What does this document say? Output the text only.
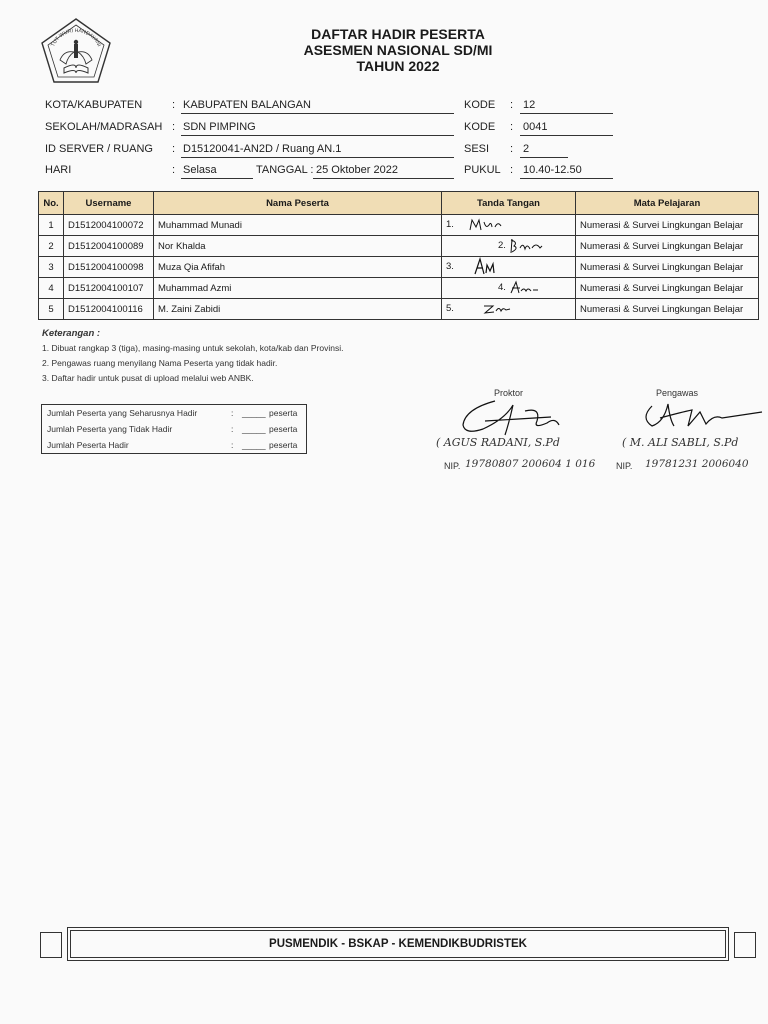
TUT WURI HANDAYANI
DAFTAR HADIR PESERTA
ASESMEN NASIONAL SD/MI
TAHUN 2022
KOTA/KABUPATEN	: KABUPATEN BALANGAN	KODE : 12
SEKOLAH/MADRASAH : SDN PIMPING	KODE : 0041
ID SERVER / RUANG : D15120041-AN2D / Ruang AN.1	SESI : 2
HARI	: Selasa	TANGGAL : 25 Oktober 2022	PUKUL : 10.40-12.50
No.	Username	Nama Peserta	Tanda Tangan	Mata Pelajaran
1	D1512004100072	Muhammad Munadi	1.	Numerasi & Survei Lingkungan Belajar
2	D1512004100089	Nor Khalda	2.	Numerasi & Survei Lingkungan Belajar
3	D1512004100098	Muza Qia Afifah	3.	Numerasi & Survei Lingkungan Belajar
4	D1512004100107	Muhammad Azmi	4.	Numerasi & Survei Lingkungan Belajar
5	D1512004100116	M. Zaini Zabidi	5.	Numerasi & Survei Lingkungan Belajar
Keterangan :
1. Dibuat rangkap 3 (tiga), masing-masing untuk sekolah, kota/kab dan Provinsi.
2. Pengawas ruang menyilang Nama Peserta yang tidak hadir.
3. Daftar hadir untuk pusat di upload melalui web ANBK.
Jumlah Peserta yang Seharusnya Hadir	: _____ peserta
Jumlah Peserta yang Tidak Hadir	: _____ peserta
Jumlah Peserta Hadir	: _____ peserta
Proktor
( AGUS RADANI, S.Pd
NIP. 19780807 200604 1 016
Pengawas
( M. ALI SABLI, S.Pd
NIP. 19781231 2006040
PUSMENDIK - BSKAP - KEMENDIKBUDRISTEK
